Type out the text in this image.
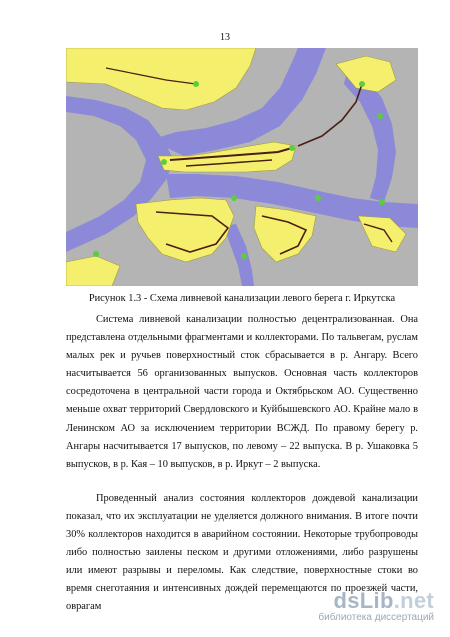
13
Рисунок 1.3 - Схема ливневой канализации левого берега г. Иркутска

Система ливневой канализации полностью децентрализованная. Она представлена отдельными фрагментами и коллекторами. По тальвегам, руслам малых рек и ручьев поверхностный сток сбрасывается в р. Ангару. Всего насчитывается 56 организованных выпусков. Основная часть коллекторов сосредоточена в центральной части города и Октябрьском АО. Существенно меньше охват территорий Свердловского и Куйбышевского АО. Крайне мало в Ленинском АО за исключением территории ВСЖД. По правому берегу р. Ангары насчитывается 17 выпусков, по левому – 22 выпуска. В р. Ушаковка 5 выпусков, в р. Кая – 10 выпусков, в р. Иркут – 2 выпуска.

Проведенный анализ состояния коллекторов дождевой канализации показал, что их эксплуатации не уделяется должного внимания. В итоге почти 30% коллекторов находится в аварийном состоянии. Некоторые трубопроводы либо полностью заилены песком и другими отложениями, либо разрушены или имеют разрывы и переломы. Как следствие, поверхностные стоки во время снеготаяния и интенсивных дождей перемещаются по проезжей части, оврагам	dsLib.net
библиотека диссертаций
